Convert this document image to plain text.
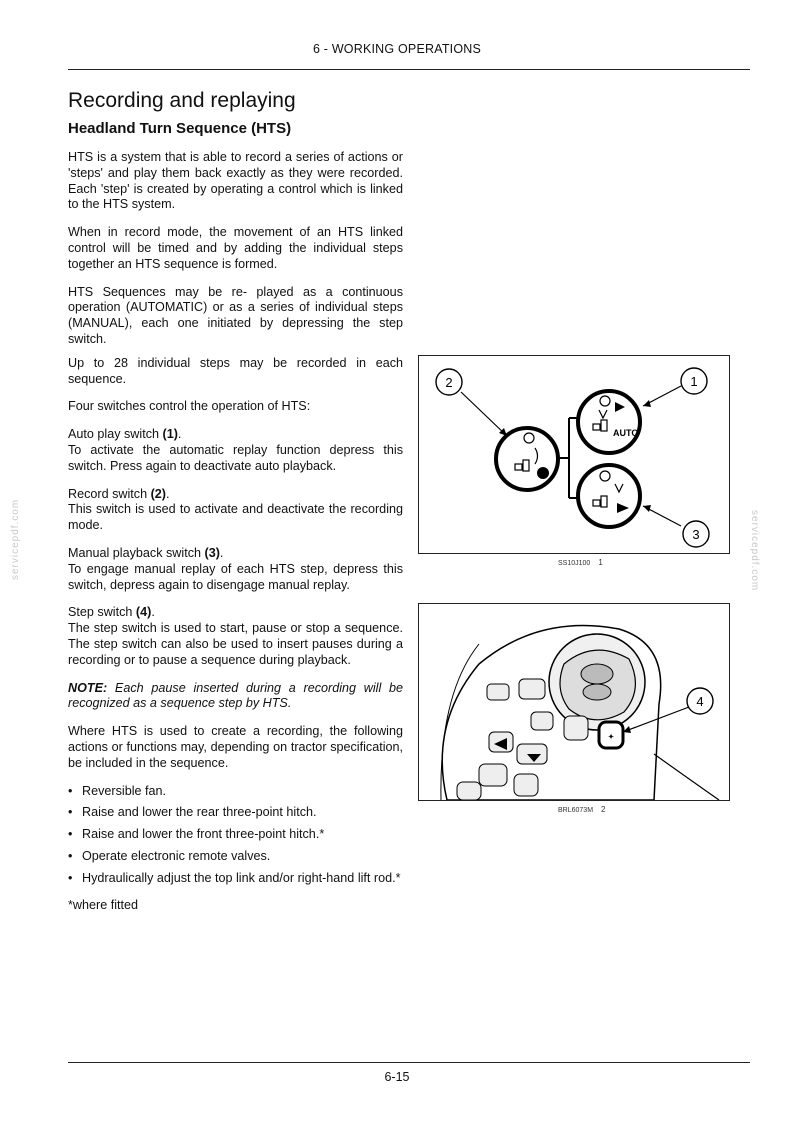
6 - WORKING OPERATIONS
Recording and replaying
Headland Turn Sequence (HTS)

HTS is a system that is able to record a series of actions or 'steps' and play them back exactly as they were recorded. Each 'step' is created by operating a control which is linked to the HTS system.

When in record mode, the movement of an HTS linked control will be timed and by adding the individual steps together an HTS sequence is formed.

HTS Sequences may be re- played as a continuous operation (AUTOMATIC) or as a series of individual steps (MANUAL), each one initiated by depressing the step switch.

Up to 28 individual steps may be recorded in each sequence.

Four switches control the operation of HTS:

Auto play switch (1).
To activate the automatic replay function depress this switch. Press again to deactivate auto playback.

Record switch (2).
This switch is used to activate and deactivate the recording mode.

Manual playback switch (3).
To engage manual replay of each HTS step, depress this switch, depress again to disengage manual replay.

Step switch (4).
The step switch is used to start, pause or stop a sequence. The step switch can also be used to insert pauses during a recording or to pause a sequence during playback.

NOTE: Each pause inserted during a recording will be recognized as a sequence step by HTS.

Where HTS is used to create a recording, the following actions or functions may, depending on tractor specification, be included in the sequence.

• Reversible fan.
• Raise and lower the rear three-point hitch.
• Raise and lower the front three-point hitch.*
• Operate electronic remote valves.
• Hydraulically adjust the top link and/or right-hand lift rod.*

*where fitted

AUTO
2	1
3
SS10J100 1
✦
4
BRL6073M 2
servicepdf.com	servicepdf.com
6-15
